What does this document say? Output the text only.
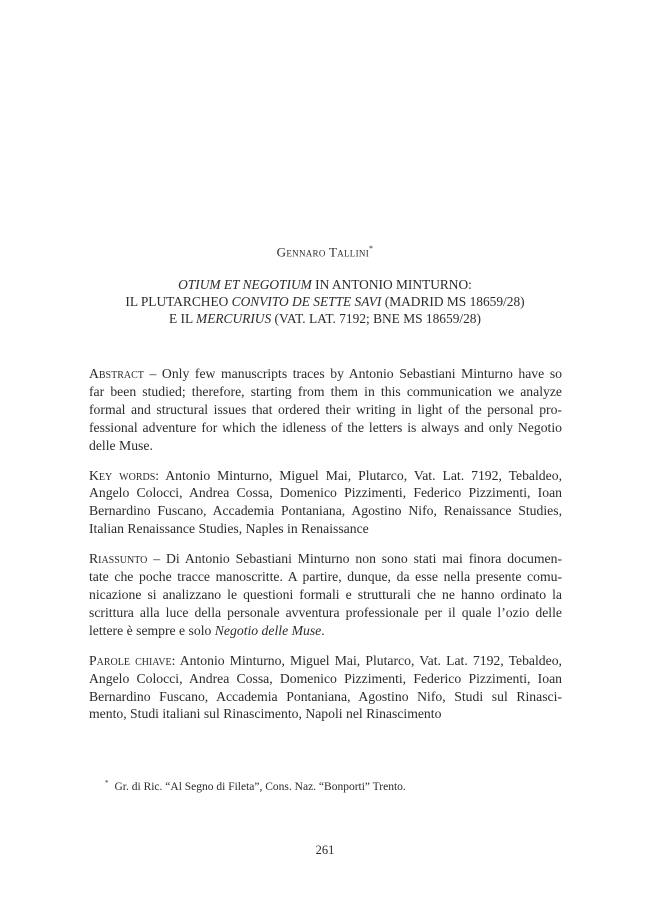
Gennaro Tallini*
OTIUM ET NEGOTIUM IN ANTONIO MINTURNO:
IL PLUTARCHEO CONVITO DE SETTE SAVI (MADRID MS 18659/28)
E IL MERCURIUS (VAT. LAT. 7192; BNE MS 18659/28)
Abstract – Only few manuscripts traces by Antonio Sebastiani Minturno have so
far been studied; therefore, starting from them in this communication we analyze
formal and structural issues that ordered their writing in light of the personal pro-
fessional adventure for which the idleness of the letters is always and only Negotio
delle Muse.
Key words: Antonio Minturno, Miguel Mai, Plutarco, Vat. Lat. 7192, Tebaldeo,
Angelo Colocci, Andrea Cossa, Domenico Pizzimenti, Federico Pizzimenti, Ioan
Bernardino Fuscano, Accademia Pontaniana, Agostino Nifo, Renaissance Studies,
Italian Renaissance Studies, Naples in Renaissance
Riassunto – Di Antonio Sebastiani Minturno non sono stati mai finora documen-
tate che poche tracce manoscritte. A partire, dunque, da esse nella presente comu-
nicazione si analizzano le questioni formali e strutturali che ne hanno ordinato la
scrittura alla luce della personale avventura professionale per il quale l’ozio delle
lettere è sempre e solo Negotio delle Muse.
Parole chiave: Antonio Minturno, Miguel Mai, Plutarco, Vat. Lat. 7192, Tebaldeo,
Angelo Colocci, Andrea Cossa, Domenico Pizzimenti, Federico Pizzimenti, Ioan
Bernardino Fuscano, Accademia Pontaniana, Agostino Nifo, Studi sul Rinasci-
mento, Studi italiani sul Rinascimento, Napoli nel Rinascimento
* Gr. di Ric. “Al Segno di Fileta”, Cons. Naz. “Bonporti” Trento.
261
